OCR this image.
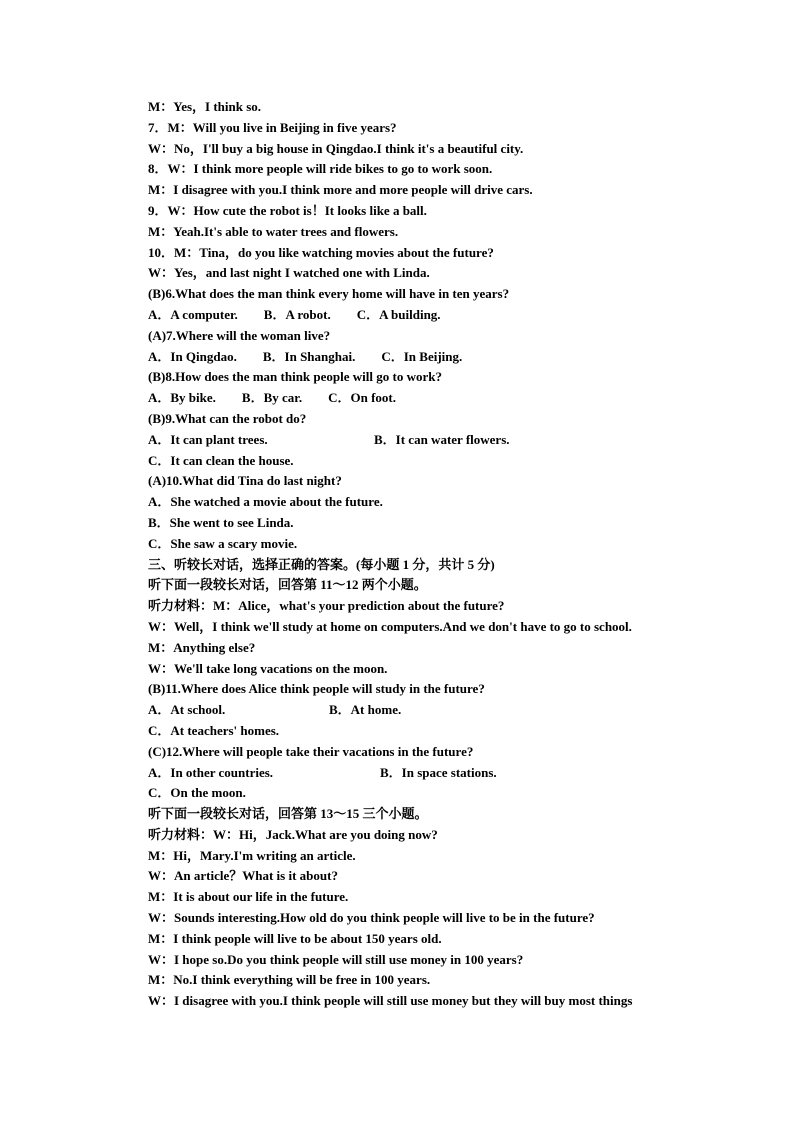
M：Yes，I think so.
7．M：Will you live in Beijing in five years?
W：No，I'll buy a big house in Qingdao.I think it's a beautiful city.
8．W：I think more people will ride bikes to go to work soon.
M：I disagree with you.I think more and more people will drive cars.
9．W：How cute the robot is！It looks like a ball.
M：Yeah.It's able to water trees and flowers.
10．M：Tina，do you like watching movies about the future?
W：Yes，and last night I watched one with Linda.
(B)6.What does the man think every home will have in ten years?
A．A computer.　　B．A robot.　　C．A building.
(A)7.Where will the woman live?
A．In Qingdao.　　B．In Shanghai.　　C．In Beijing.
(B)8.How does the man think people will go to work?
A．By bike.　　B．By car.　　C．On foot.
(B)9.What can the robot do?
A．It can plant trees.	B．It can water flowers.
C．It can clean the house.
(A)10.What did Tina do last night?
A．She watched a movie about the future.
B．She went to see Linda.
C．She saw a scary movie.
三、听较长对话，选择正确的答案。(每小题 1 分，共计 5 分)
听下面一段较长对话，回答第 11～12 两个小题。
听力材料：M：Alice，what's your prediction about the future?
W：Well，I think we'll study at home on computers.And we don't have to go to school.
M：Anything else?
W：We'll take long vacations on the moon.
(B)11.Where does Alice think people will study in the future?
A．At school.	B．At home.
C．At teachers' homes.
(C)12.Where will people take their vacations in the future?
A．In other countries.	B．In space stations.
C．On the moon.
听下面一段较长对话，回答第 13～15 三个小题。
听力材料：W：Hi，Jack.What are you doing now?
M：Hi，Mary.I'm writing an article.
W：An article？What is it about?
M：It is about our life in the future.
W：Sounds interesting.How old do you think people will live to be in the future?
M：I think people will live to be about 150 years old.
W：I hope so.Do you think people will still use money in 100 years?
M：No.I think everything will be free in 100 years.
W：I disagree with you.I think people will still use money but they will buy most things
